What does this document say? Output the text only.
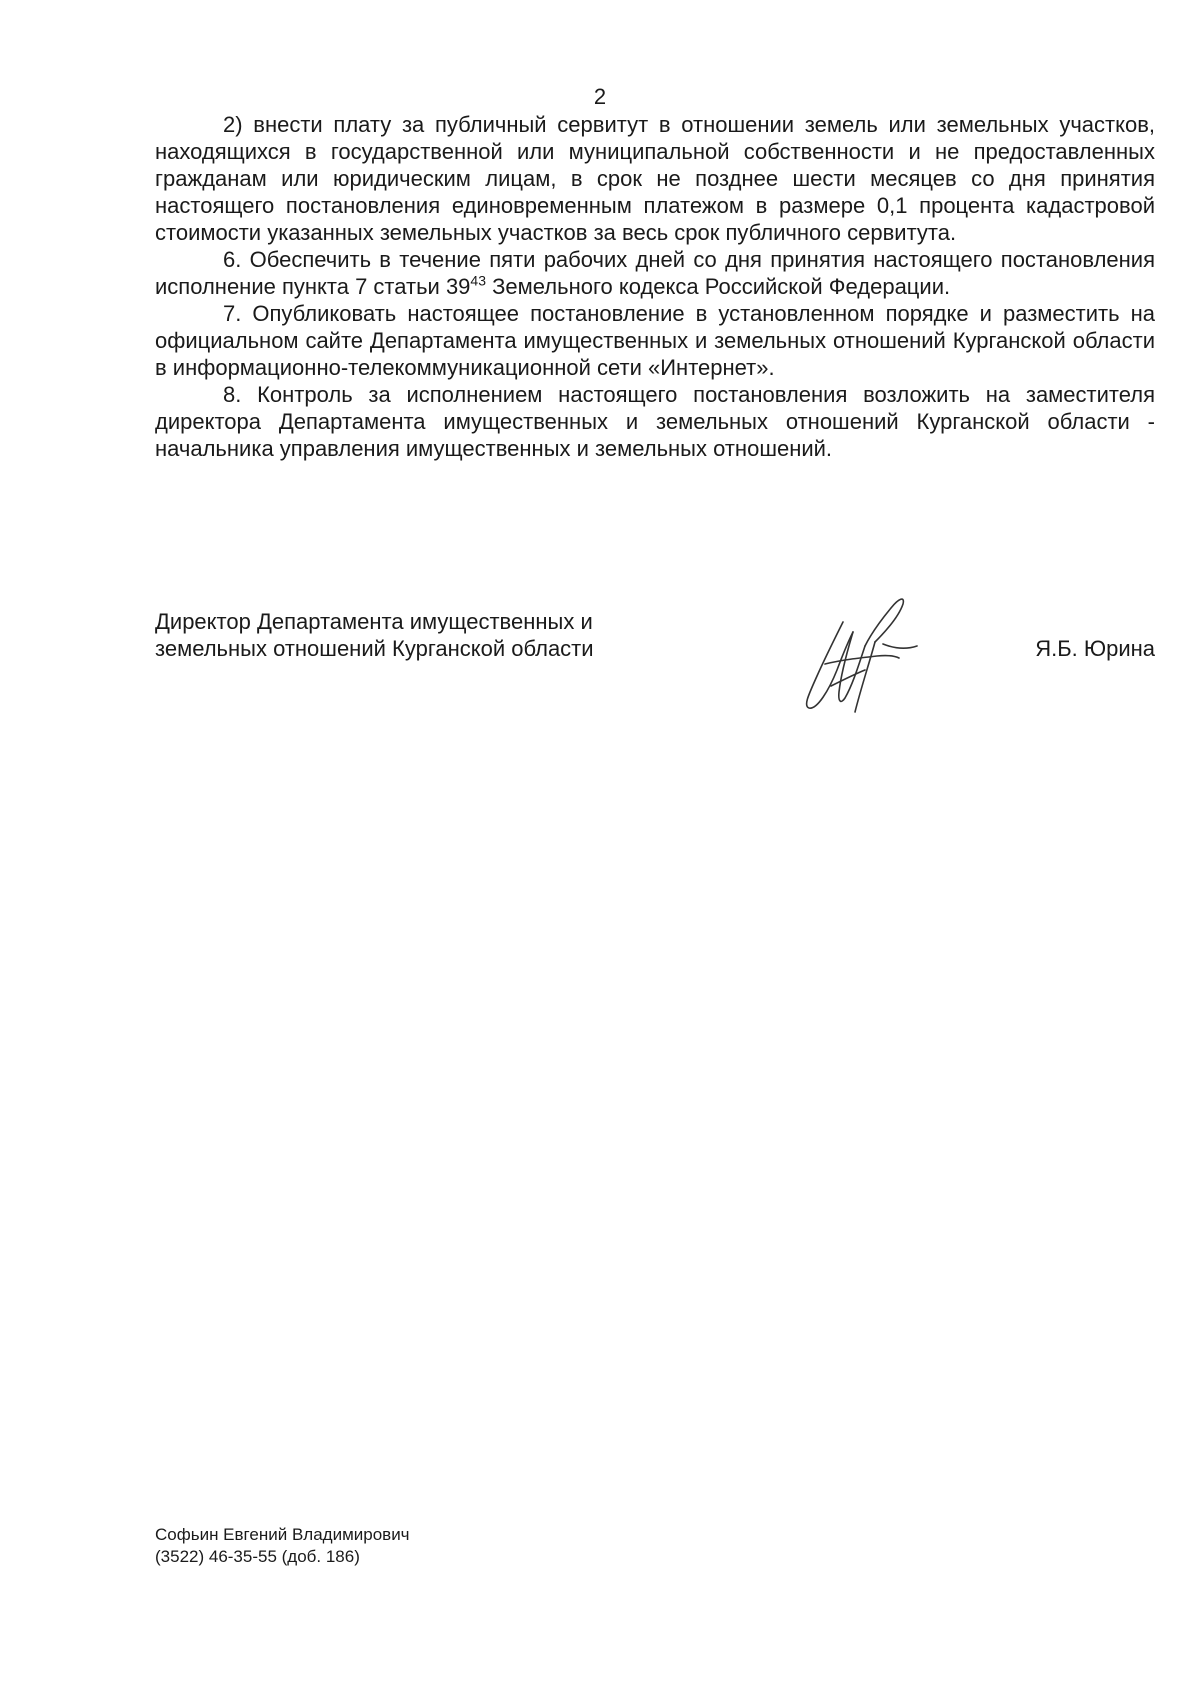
2

2) внести плату за публичный сервитут в отношении земель или земельных участков, находящихся в государственной или муниципальной собственности и не предоставленных гражданам или юридическим лицам, в срок не позднее шести месяцев со дня принятия настоящего постановления единовременным платежом в размере 0,1 процента кадастровой стоимости указанных земельных участков за весь срок публичного сервитута.

6. Обеспечить в течение пяти рабочих дней со дня принятия настоящего постановления исполнение пункта 7 статьи $39^{43}$ Земельного кодекса Российской Федерации.

7. Опубликовать настоящее постановление в установленном порядке и разместить на официальном сайте Департамента имущественных и земельных отношений Курганской области в информационно-телекоммуникационной сети «Интернет».

8. Контроль за исполнением настоящего постановления возложить на заместителя директора Департамента имущественных и земельных отношений Курганской области - начальника управления имущественных и земельных отношений.

Директор Департамента имущественных и
земельных отношений Курганской области	Я.Б. Юрина
Софьин Евгений Владимирович
(3522) 46-35-55 (доб. 186)
